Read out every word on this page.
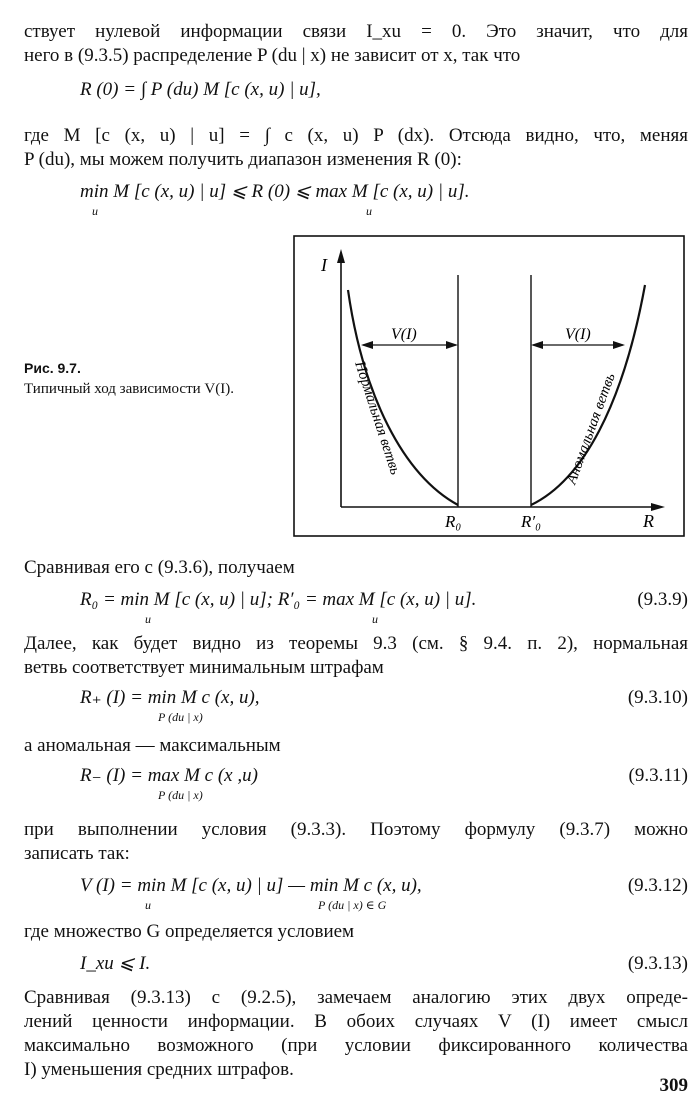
ствует нулевой информации связи I_xu = 0. Это значит, что для
него в (9.3.5) распределение P (du | x) не зависит от x, так что
R (0) = ∫ P (du) M [c (x, u) | u],
где M [c (x, u) | u] = ∫ c (x, u) P (dx). Отсюда видно, что, меняя
P (du), мы можем получить диапазон изменения R (0):
min M [c (x, u) | u] ⩽ R (0) ⩽ max M [c (x, u) | u].
u	u
Рис. 9.7.
Типичный ход зависимости V(I).
I
R
R₀	R′₀
V(I)	V(I)
Нормальная ветвь	Аномальная ветвь
Сравнивая его с (9.3.6), получаем
R₀ = min M [c (x, u) | u]; R′₀ = max M [c (x, u) | u].
u	u
(9.3.9)
Далее, как будет видно из теоремы 9.3 (см. § 9.4. п. 2), нормальная
ветвь соответствует минимальным штрафам
R₊ (I) = min M c (x, u),
P (du | x)
(9.3.10)
а аномальная — максимальным
R₋ (I) = max M c (x ,u)
P (du | x)
(9.3.11)
при выполнении условия (9.3.3). Поэтому формулу (9.3.7) можно
записать так:
V (I) = min M [c (x, u) | u] — min M c (x, u),
u	P (du | x) ∈ G
(9.3.12)
где множество G определяется условием
I_xu ⩽ I.	(9.3.13)
Сравнивая (9.3.13) с (9.2.5), замечаем аналогию этих двух опреде-
лений ценности информации. В обоих случаях V (I) имеет смысл
максимально возможного (при условии фиксированного количества
I) уменьшения средних штрафов.
309
